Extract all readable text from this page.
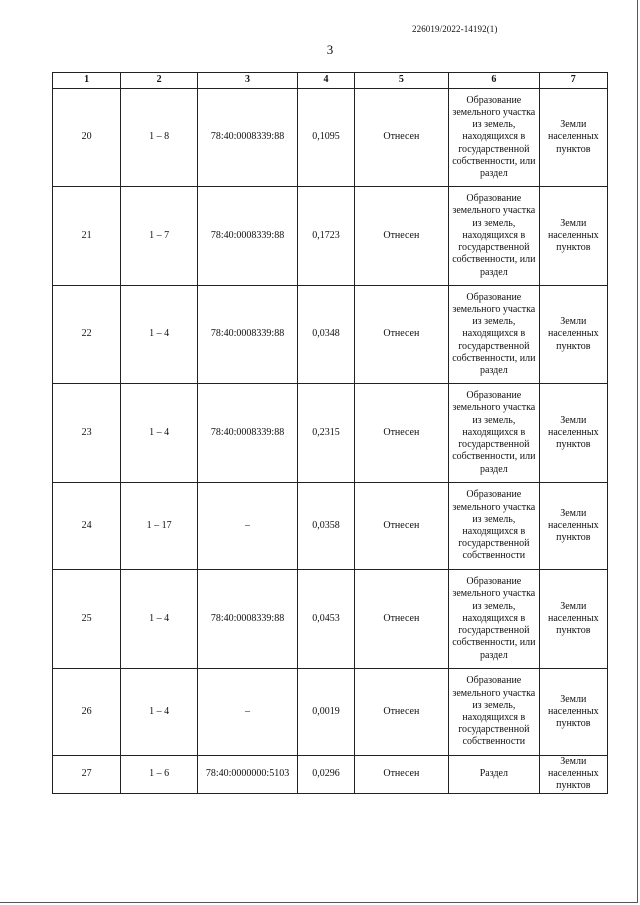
226019/2022-14192(1)
3
1	2	3	4	5	6	7
20	1 – 8	78:40:0008339:88	0,1095	Отнесен	Образование земельного участка из земель, находящихся в государственной собственности, или раздел	Земли населенных пунктов
21	1 – 7	78:40:0008339:88	0,1723	Отнесен	Образование земельного участка из земель, находящихся в государственной собственности, или раздел	Земли населенных пунктов
22	1 – 4	78:40:0008339:88	0,0348	Отнесен	Образование земельного участка из земель, находящихся в государственной собственности, или раздел	Земли населенных пунктов
23	1 – 4	78:40:0008339:88	0,2315	Отнесен	Образование земельного участка из земель, находящихся в государственной собственности, или раздел	Земли населенных пунктов
24	1 – 17	–	0,0358	Отнесен	Образование земельного участка из земель, находящихся в государственной собственности	Земли населенных пунктов
25	1 – 4	78:40:0008339:88	0,0453	Отнесен	Образование земельного участка из земель, находящихся в государственной собственности, или раздел	Земли населенных пунктов
26	1 – 4	–	0,0019	Отнесен	Образование земельного участка из земель, находящихся в государственной собственности	Земли населенных пунктов
27	1 – 6	78:40:0000000:5103	0,0296	Отнесен	Раздел	Земли населенных пунктов
